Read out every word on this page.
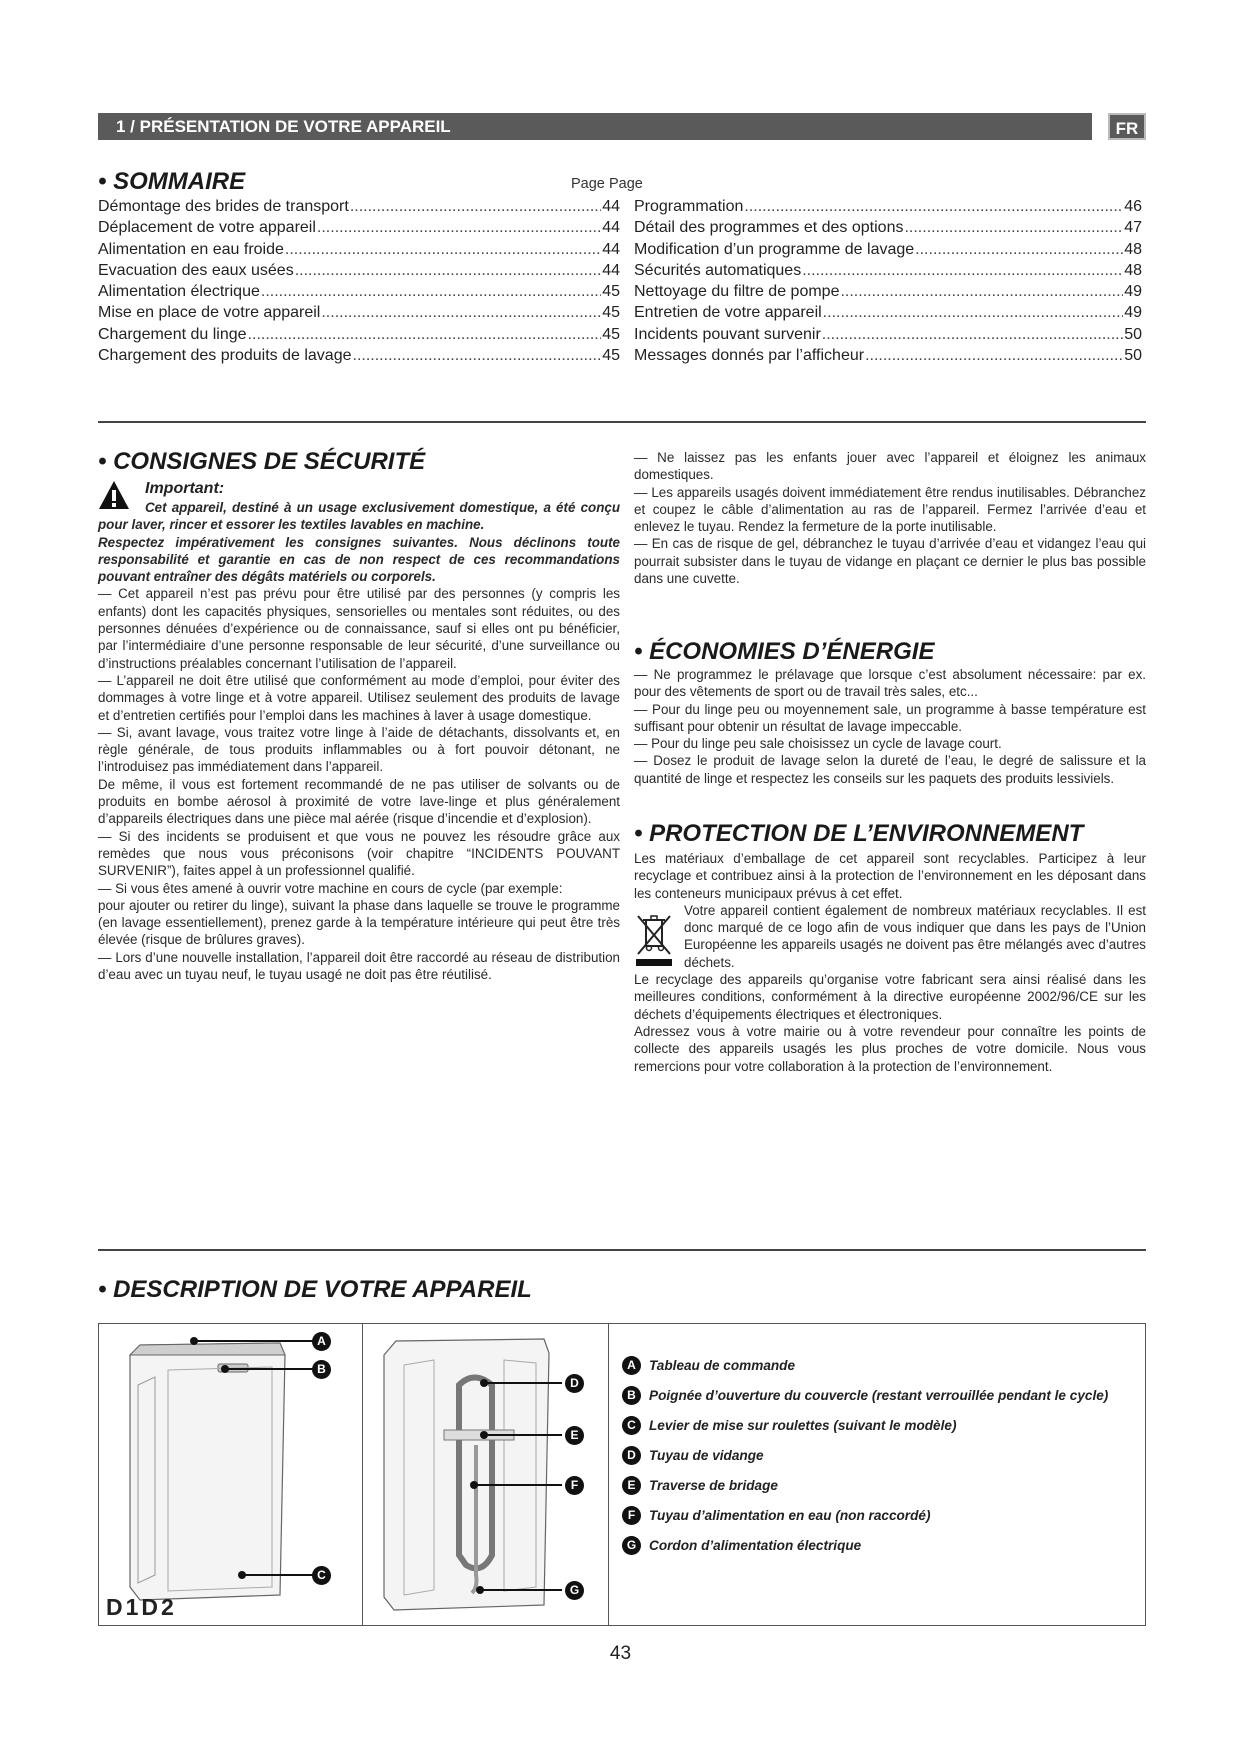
1 / PRÉSENTATION DE VOTRE APPAREIL	FR
• SOMMAIRE	Page Page
Démontage des brides de transport .....	44
Déplacement de votre appareil .....	44
Alimentation en eau froide .....	44
Evacuation des eaux usées .....	44
Alimentation électrique .....	45
Mise en place de votre appareil .....	45
Chargement du linge .....	45
Chargement des produits de lavage .....	45
Programmation .....	46
Détail des programmes et des options .....	47
Modification d’un programme de lavage .....	48
Sécurités automatiques .....	48
Nettoyage du filtre de pompe .....	49
Entretien de votre appareil .....	49
Incidents pouvant survenir .....	50
Messages donnés par l’afficheur .....	50
• CONSIGNES DE SÉCURITÉ
Important:

Cet appareil, destiné à un usage exclusivement domestique, a été conçu pour laver, rincer et essorer les textiles lavables en machine.

Respectez impérativement les consignes suivantes. Nous déclinons toute responsabilité et garantie en cas de non respect de ces recommandations pouvant entraîner des dégâts matériels ou corporels.

— Cet appareil n’est pas prévu pour être utilisé par des personnes (y compris les enfants) dont les capacités physiques, sensorielles ou mentales sont réduites, ou des personnes dénuées d’expérience ou de connaissance, sauf si elles ont pu bénéficier, par l’intermédiaire d’une personne responsable de leur sécurité, d’une surveillance ou d’instructions préalables concernant l’utilisation de l’appareil.

— L’appareil ne doit être utilisé que conformément au mode d’emploi, pour éviter des dommages à votre linge et à votre appareil. Utilisez seulement des produits de lavage et d’entretien certifiés pour l’emploi dans les machines à laver à usage domestique.

— Si, avant lavage, vous traitez votre linge à l’aide de détachants, dissolvants et, en règle générale, de tous produits inflammables ou à fort pouvoir détonant, ne l’introduisez pas immédiatement dans l’appareil.

De même, il vous est fortement recommandé de ne pas utiliser de solvants ou de produits en bombe aérosol à proximité de votre lave-linge et plus généralement d’appareils électriques dans une pièce mal aérée (risque d’incendie et d’explosion).

— Si des incidents se produisent et que vous ne pouvez les résoudre grâce aux remèdes que nous vous préconisons (voir chapitre “INCIDENTS POUVANT SURVENIR”), faites appel à un professionnel qualifié.

— Si vous êtes amené à ouvrir votre machine en cours de cycle (par exemple:

pour ajouter ou retirer du linge), suivant la phase dans laquelle se trouve le programme (en lavage essentiellement), prenez garde à la température intérieure qui peut être très élevée (risque de brûlures graves).

— Lors d’une nouvelle installation, l’appareil doit être raccordé au réseau de distribution d’eau avec un tuyau neuf, le tuyau usagé ne doit pas être réutilisé.

— Ne laissez pas les enfants jouer avec l’appareil et éloignez les animaux domestiques.

— Les appareils usagés doivent immédiatement être rendus inutilisables. Débranchez et coupez le câble d’alimentation au ras de l’appareil. Fermez l’arrivée d’eau et enlevez le tuyau. Rendez la fermeture de la porte inutilisable.

— En cas de risque de gel, débranchez le tuyau d’arrivée d’eau et vidangez l’eau qui pourrait subsister dans le tuyau de vidange en plaçant ce dernier le plus bas possible dans une cuvette.

• ÉCONOMIES D’ÉNERGIE

— Ne programmez le prélavage que lorsque c’est absolument nécessaire: par ex. pour des vêtements de sport ou de travail très sales, etc...

— Pour du linge peu ou moyennement sale, un programme à basse température est suffisant pour obtenir un résultat de lavage impeccable.

— Pour du linge peu sale choisissez un cycle de lavage court.

— Dosez le produit de lavage selon la dureté de l’eau, le degré de salissure et la quantité de linge et respectez les conseils sur les paquets des produits lessiviels.

• PROTECTION DE L’ENVIRONNEMENT

Les matériaux d’emballage de cet appareil sont recyclables. Participez à leur recyclage et contribuez ainsi à la protection de l’environnement en les déposant dans les conteneurs municipaux prévus à cet effet.

Votre appareil contient également de nombreux matériaux recyclables. Il est donc marqué de ce logo afin de vous indiquer que dans les pays de l’Union Européenne les appareils usagés ne doivent pas être mélangés avec d’autres déchets.

Le recyclage des appareils qu’organise votre fabricant sera ainsi réalisé dans les meilleures conditions, conformément à la directive européenne 2002/96/CE sur les déchets d’équipements électriques et électroniques.

Adressez vous à votre mairie ou à votre revendeur pour connaître les points de collecte des appareils usagés les plus proches de votre domicile. Nous vous remercions pour votre collaboration à la protection de l’environnement.

• DESCRIPTION DE VOTRE APPAREIL
A
B
C
D1D2
D
E
F
G
A Tableau de commande
B Poignée d’ouverture du couvercle (restant verrouillée pendant le cycle)
C Levier de mise sur roulettes (suivant le modèle)
D Tuyau de vidange
E Traverse de bridage
F	Tuyau d’alimentation en eau (non raccordé)
G Cordon d’alimentation électrique
43
